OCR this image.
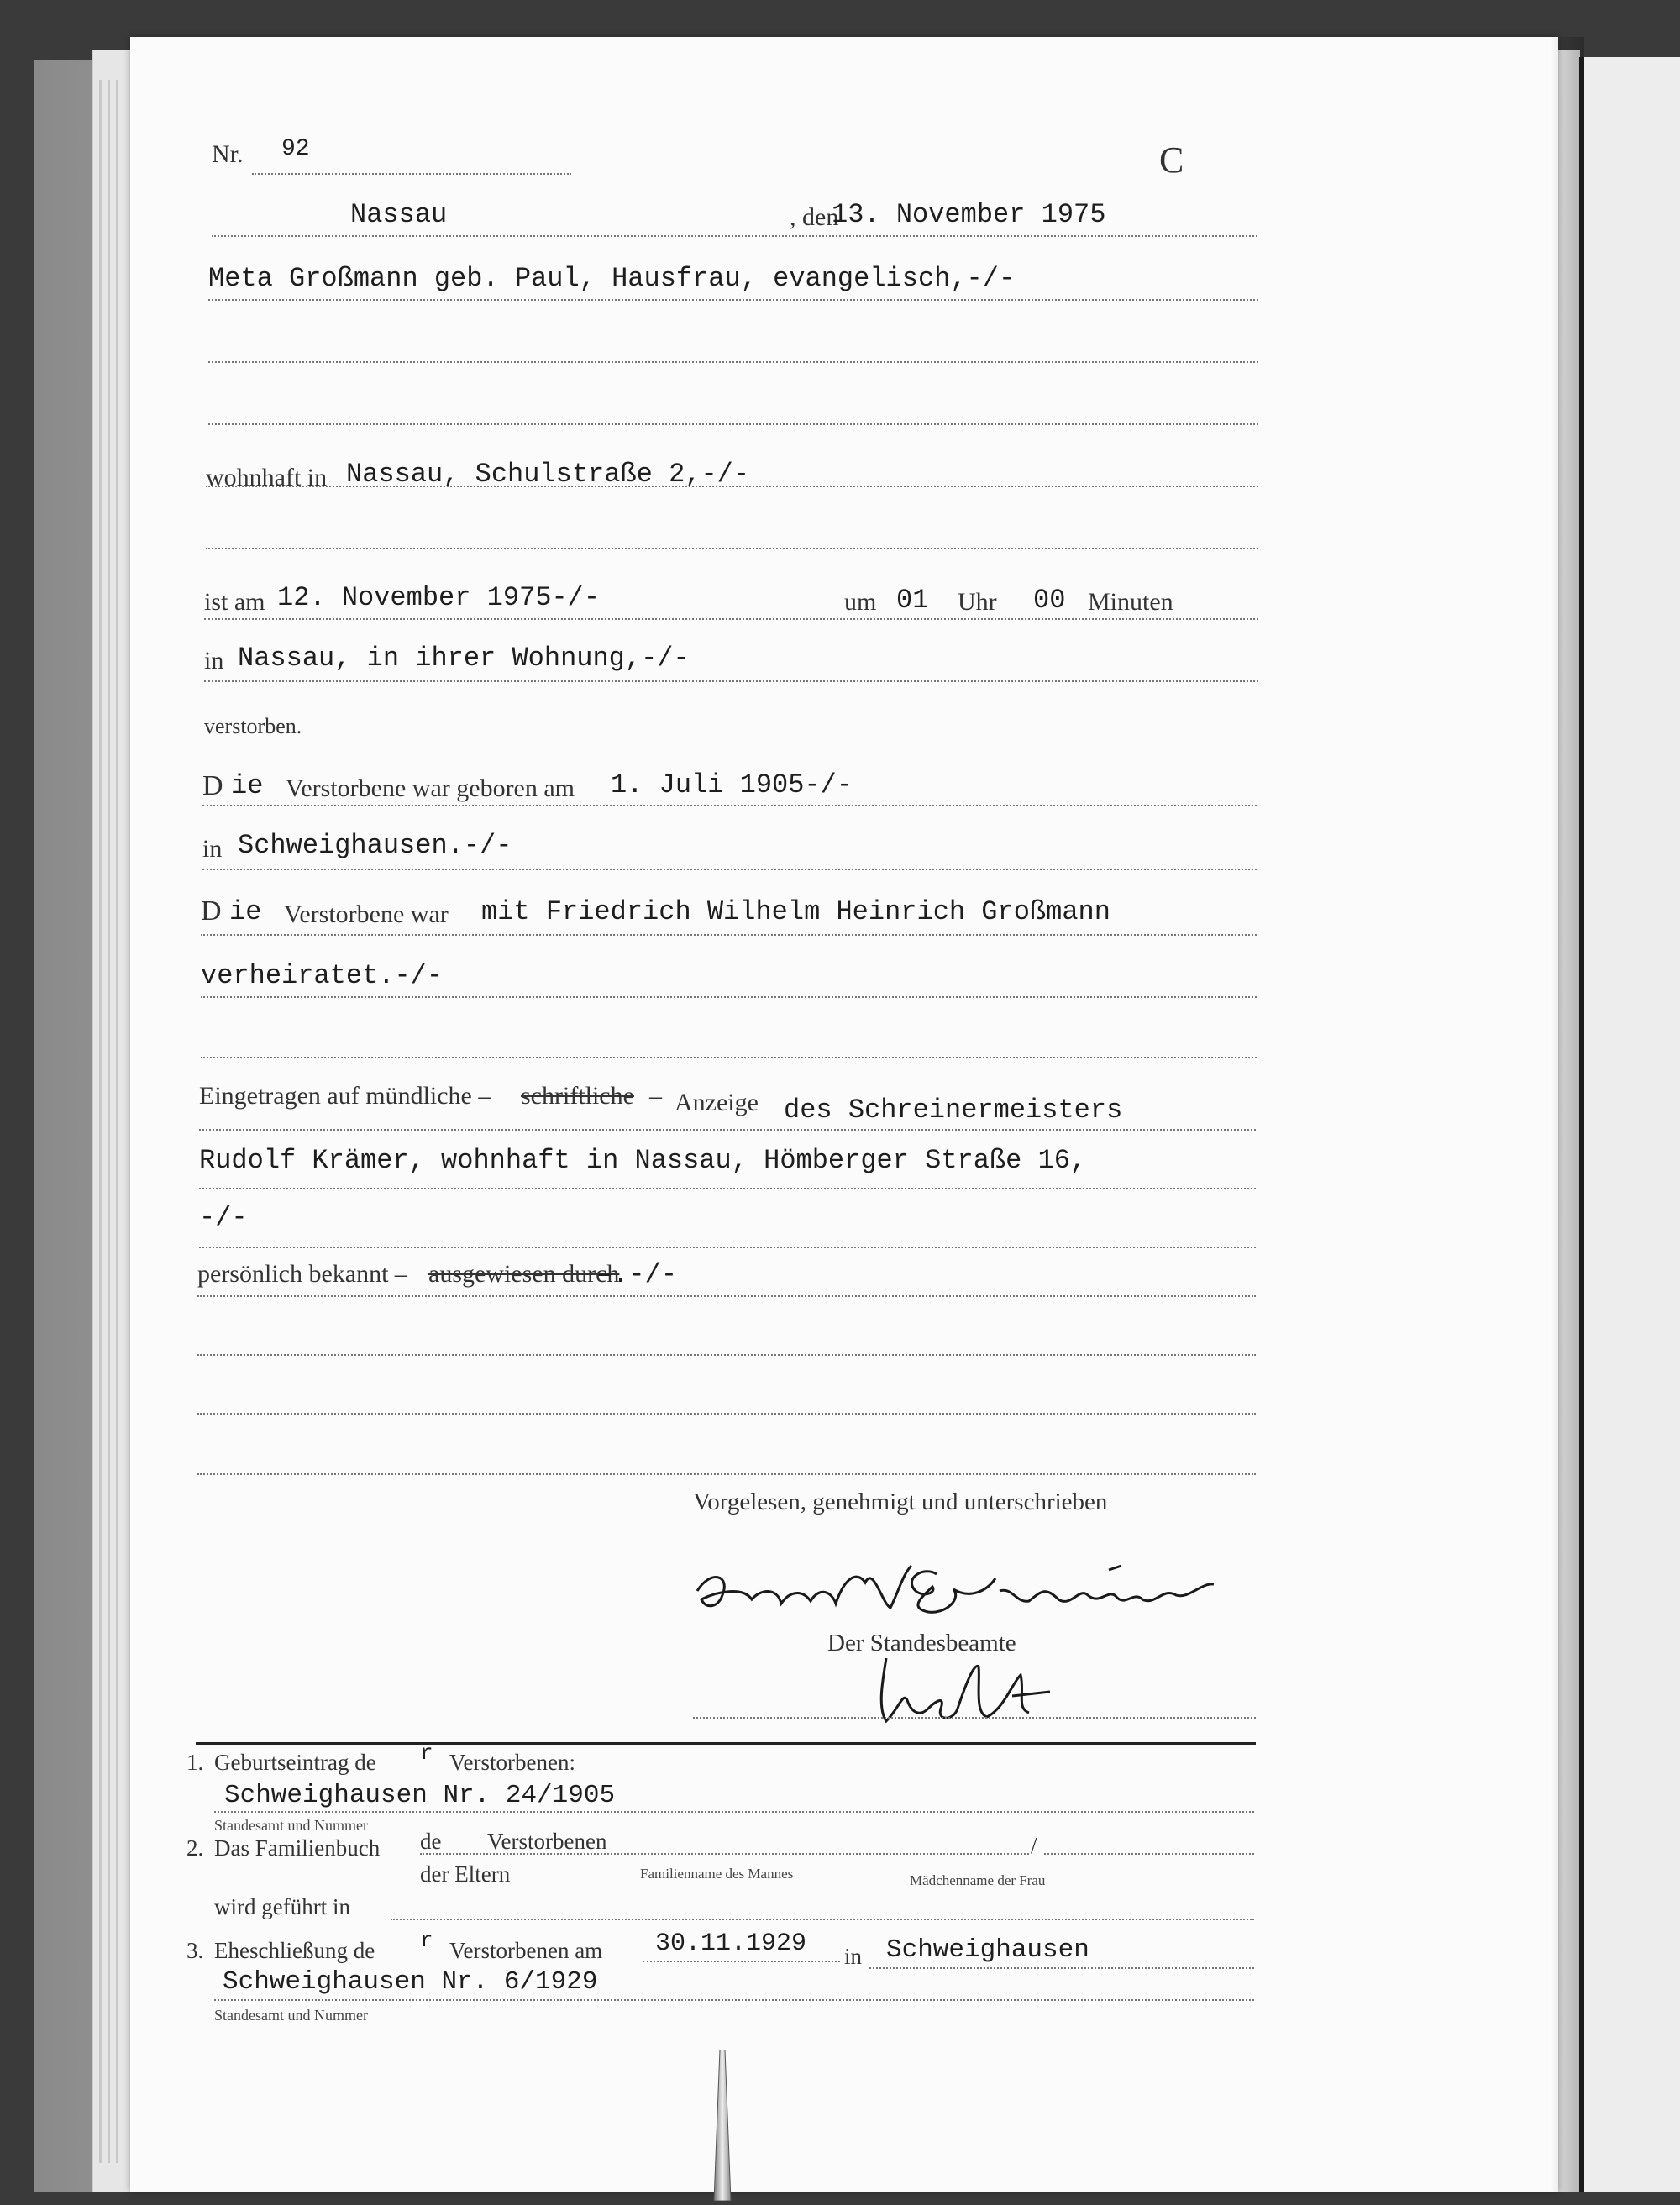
Nr. 92	C
Nassau	, den
13. November 1975
Meta Großmann geb. Paul, Hausfrau, evangelisch,-/-
wohnhaft in Nassau, Schulstraße 2,-/-
ist am 12. November 1975-/-	um 01 Uhr 00 Minuten
in Nassau, in ihrer Wohnung,-/-
verstorben.
D ie Verstorbene war geboren am 1. Juli 1905-/-
in Schweighausen.-/-
D ie Verstorbene war mit Friedrich Wilhelm Heinrich Großmann
verheiratet.-/-
Eingetragen auf mündliche – schriftliche – Anzeige des Schreinermeisters
Rudolf Krämer, wohnhaft in Nassau, Hömberger Straße 16,
-/-
persönlich bekannt – ausgewiesen durch
–.-/-
Vorgelesen, genehmigt und unterschrieben
Der Standesbeamte
1. Geburtseintrag de r Verstorbenen:
Schweighausen Nr. 24/1905
Standesamt und Nummer
2. Das Familienbuch de Verstorbenen	/
der Eltern	Familienname des Mannes	Mädchenname der Frau
wird geführt in
3. Eheschließung de r Verstorbenen am 30.11.1929 in Schweighausen
Schweighausen Nr. 6/1929
Standesamt und Nummer
